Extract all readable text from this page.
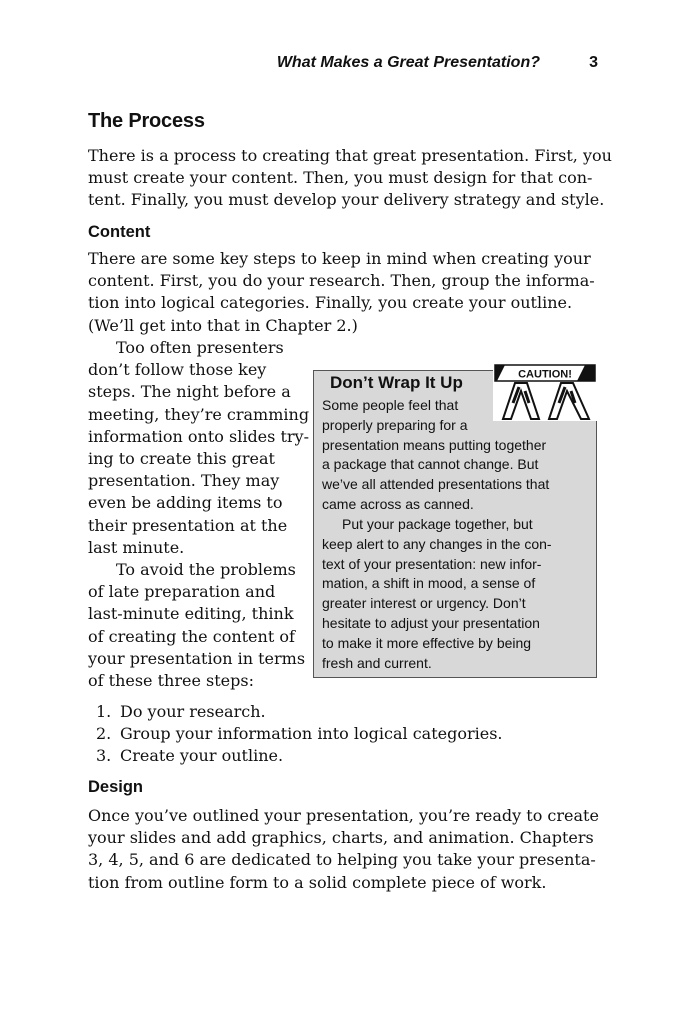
What Makes a Great Presentation?	3
The Process
There is a process to creating that great presentation. First, you
must create your content. Then, you must design for that con-
tent. Finally, you must develop your delivery strategy and style.
Content
There are some key steps to keep in mind when creating your
content. First, you do your research. Then, group the informa-
tion into logical categories. Finally, you create your outline.
(We’ll get into that in Chapter 2.)
Too often presenters
don’t follow those key
steps. The night before a
meeting, they’re cramming
information onto slides try-
ing to create this great
presentation. They may
even be adding items to
their presentation at the
last minute.
To avoid the problems
of late preparation and
last-minute editing, think
of creating the content of
your presentation in terms
of these three steps:
Don’t Wrap It Up
Some people feel that
properly preparing for a
presentation means putting together
a package that cannot change. But
we’ve all attended presentations that
came across as canned.
Put your package together, but
keep alert to any changes in the con-
text of your presentation: new infor-
mation, a shift in mood, a sense of
greater interest or urgency. Don’t
hesitate to adjust your presentation
to make it more effective by being
fresh and current.
CAUTION!
1. Do your research.
2. Group your information into logical categories.
3. Create your outline.
Design
Once you’ve outlined your presentation, you’re ready to create
your slides and add graphics, charts, and animation. Chapters
3, 4, 5, and 6 are dedicated to helping you take your presenta-
tion from outline form to a solid complete piece of work.
